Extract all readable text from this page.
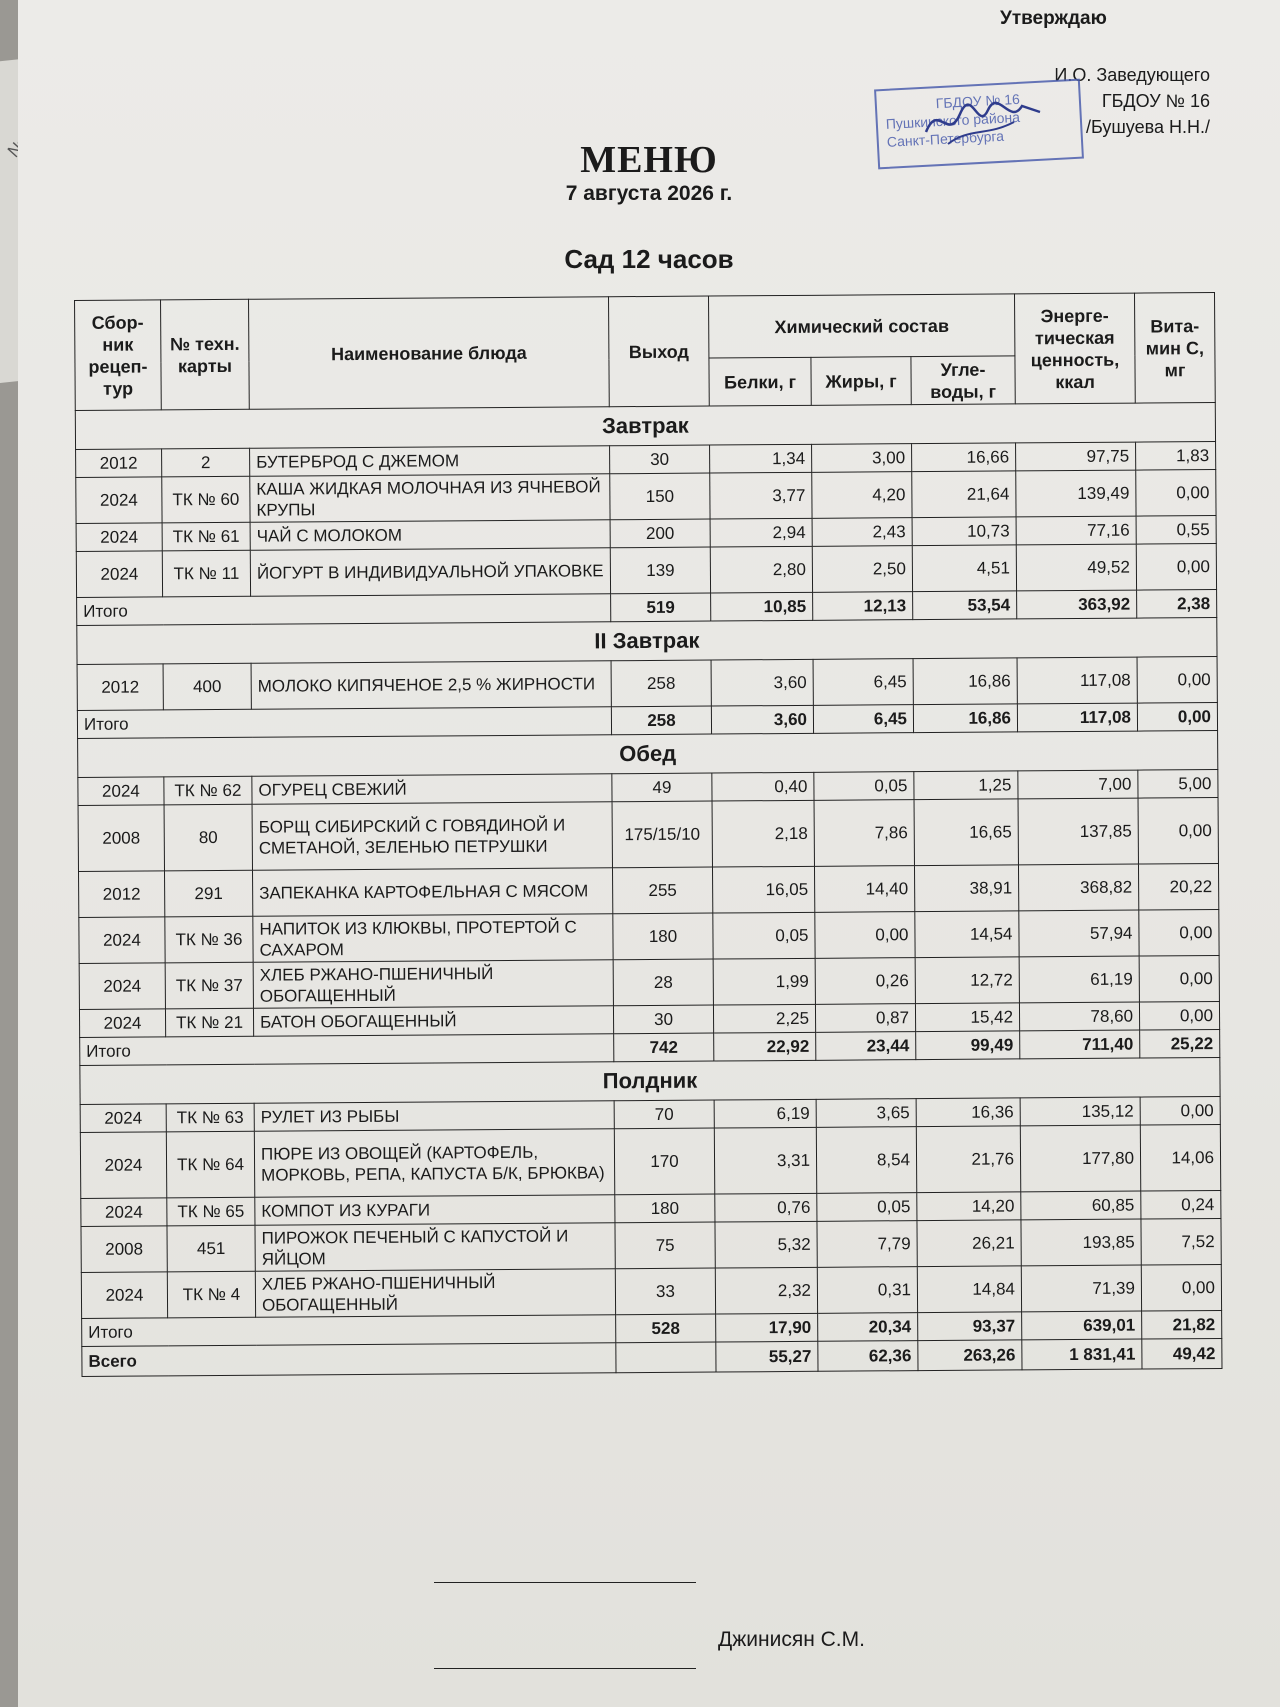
Утверждаю
И.О. Заведующего
ГБДОУ № 16
/Бушуева Н.Н./
ГБДОУ № 16
Пушкинского района
Санкт-Петербурга
МЕНЮ
7 августа 2026 г.
Сад 12 часов
Сбор-ник рецеп-тур	№ техн. карты	Наименование блюда	Выход	Химический состав			Энерге-тическая ценность, ккал	Вита-мин С, мг
				Белки, г	Жиры, г	Угле-воды, г		
Завтрак								
2012	2	БУТЕРБРОД С ДЖЕМОМ	30	1,34	3,00	16,66	97,75	1,83
2024	ТК № 60	КАША ЖИДКАЯ МОЛОЧНАЯ ИЗ ЯЧНЕВОЙ КРУПЫ	150	3,77	4,20	21,64	139,49	0,00
2024	ТК № 61	ЧАЙ С МОЛОКОМ	200	2,94	2,43	10,73	77,16	0,55
2024	ТК № 11	ЙОГУРТ В ИНДИВИДУАЛЬНОЙ УПАКОВКЕ	139	2,80	2,50	4,51	49,52	0,00
Итого			519	10,85	12,13	53,54	363,92	2,38
II Завтрак								
2012	400	МОЛОКО КИПЯЧЕНОЕ 2,5 % ЖИРНОСТИ	258	3,60	6,45	16,86	117,08	0,00
Итого			258	3,60	6,45	16,86	117,08	0,00
Обед								
2024	ТК № 62	ОГУРЕЦ СВЕЖИЙ	49	0,40	0,05	1,25	7,00	5,00
2008	80	БОРЩ СИБИРСКИЙ С ГОВЯДИНОЙ И СМЕТАНОЙ, ЗЕЛЕНЬЮ ПЕТРУШКИ	175/15/10	2,18	7,86	16,65	137,85	0,00
2012	291	ЗАПЕКАНКА КАРТОФЕЛЬНАЯ С МЯСОМ	255	16,05	14,40	38,91	368,82	20,22
2024	ТК № 36	НАПИТОК ИЗ КЛЮКВЫ, ПРОТЕРТОЙ С САХАРОМ	180	0,05	0,00	14,54	57,94	0,00
2024	ТК № 37	ХЛЕБ РЖАНО-ПШЕНИЧНЫЙ ОБОГАЩЕННЫЙ	28	1,99	0,26	12,72	61,19	0,00
2024	ТК № 21	БАТОН ОБОГАЩЕННЫЙ	30	2,25	0,87	15,42	78,60	0,00
Итого			742	22,92	23,44	99,49	711,40	25,22
Полдник								
2024	ТК № 63	РУЛЕТ ИЗ РЫБЫ	70	6,19	3,65	16,36	135,12	0,00
2024	ТК № 64	ПЮРЕ ИЗ ОВОЩЕЙ (КАРТОФЕЛЬ, МОРКОВЬ, РЕПА, КАПУСТА Б/К, БРЮКВА)	170	3,31	8,54	21,76	177,80	14,06
2024	ТК № 65	КОМПОТ ИЗ КУРАГИ	180	0,76	0,05	14,20	60,85	0,24
2008	451	ПИРОЖОК ПЕЧЕНЫЙ С КАПУСТОЙ И ЯЙЦОМ	75	5,32	7,79	26,21	193,85	7,52
2024	ТК № 4	ХЛЕБ РЖАНО-ПШЕНИЧНЫЙ ОБОГАЩЕННЫЙ	33	2,32	0,31	14,84	71,39	0,00
Итого			528	17,90	20,34	93,37	639,01	21,82
Всего				55,27	62,36	263,26	1 831,41	49,42
Джинисян С.М.
